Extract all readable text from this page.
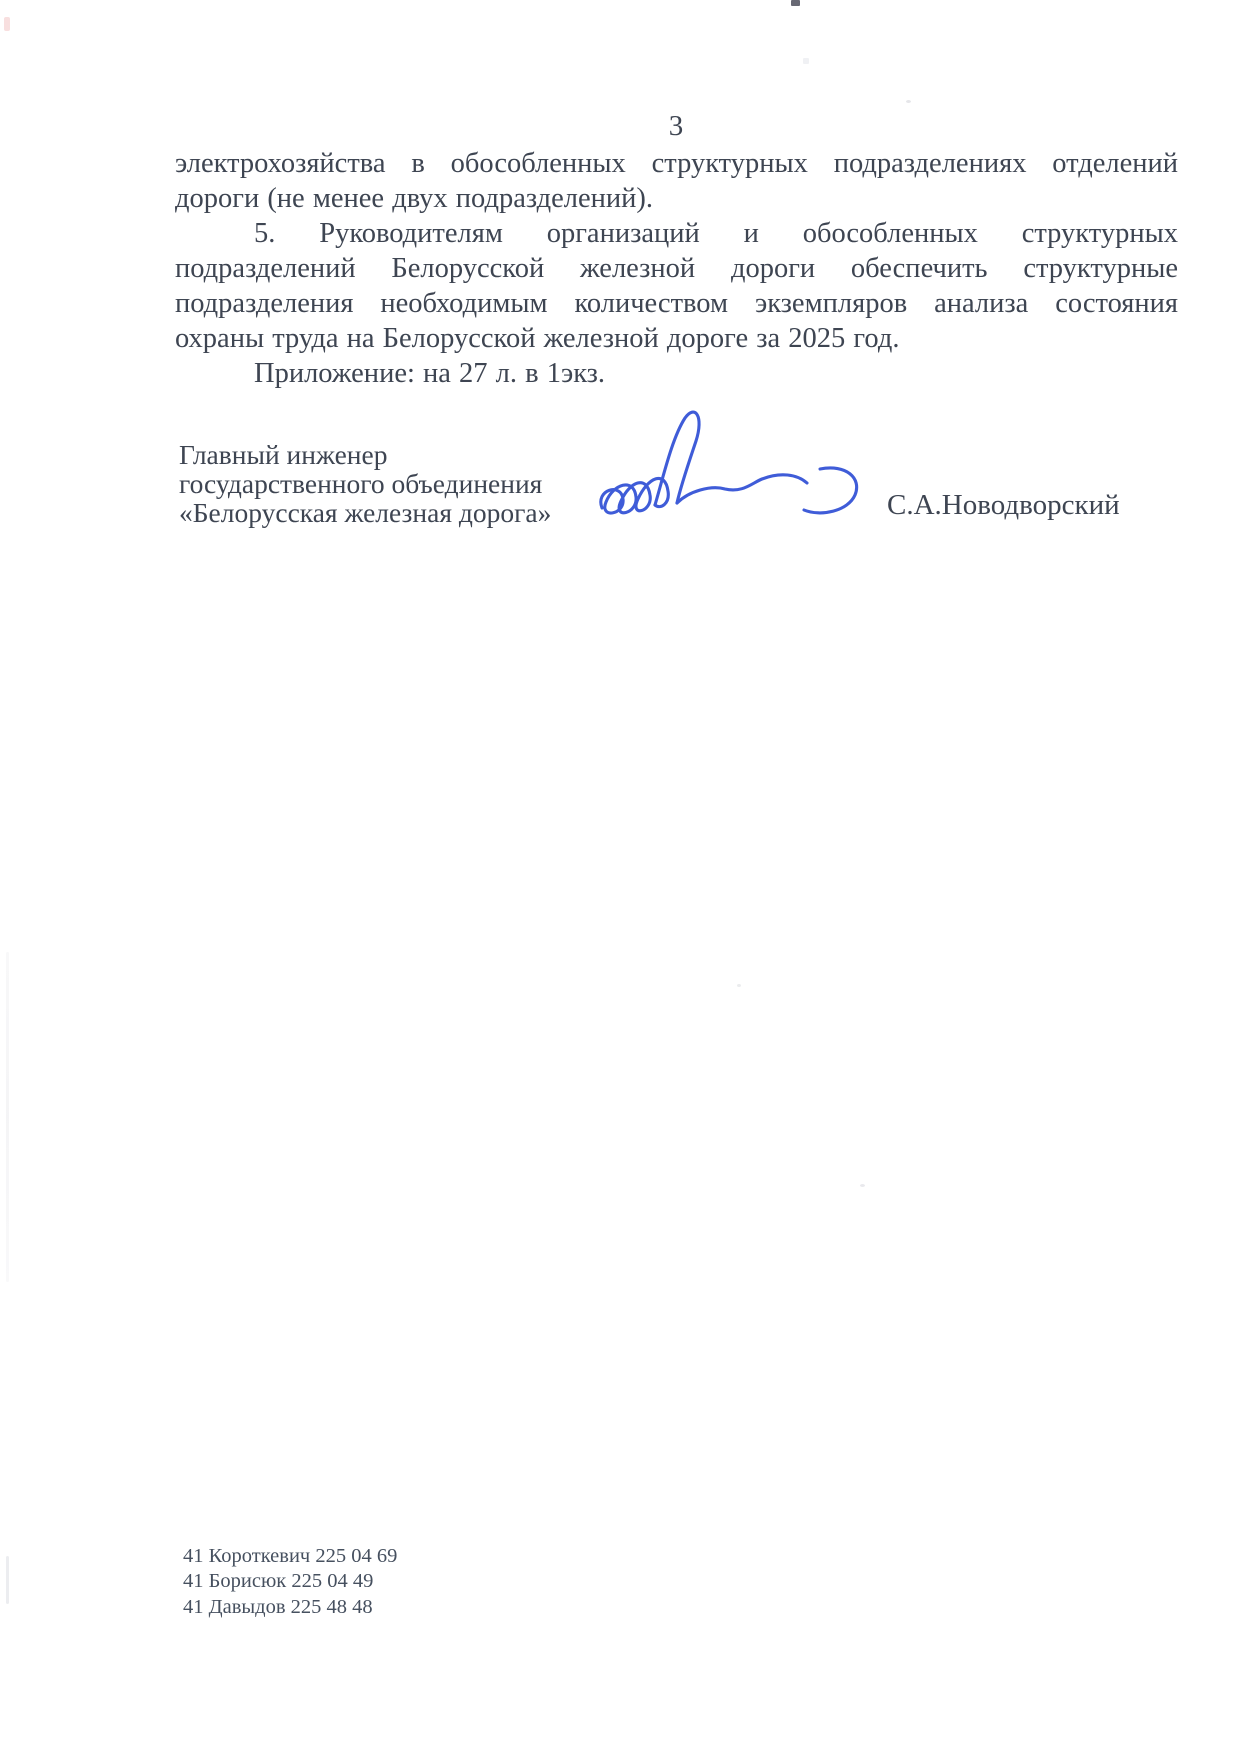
3
электрохозяйства в обособленных структурных подразделениях отделений
дороги (не менее двух подразделений).
5. Руководителям организаций и обособленных структурных
подразделений Белорусской железной дороги обеспечить структурные
подразделения необходимым количеством экземпляров анализа состояния
охраны труда на Белорусской железной дороге за 2025 год.
Приложение: на 27 л. в 1экз.
Главный инженер
государственного объединения
«Белорусская железная дорога»	С.А.Новодворский
41 Короткевич 225 04 69
41 Борисюк 225 04 49
41 Давыдов 225 48 48
